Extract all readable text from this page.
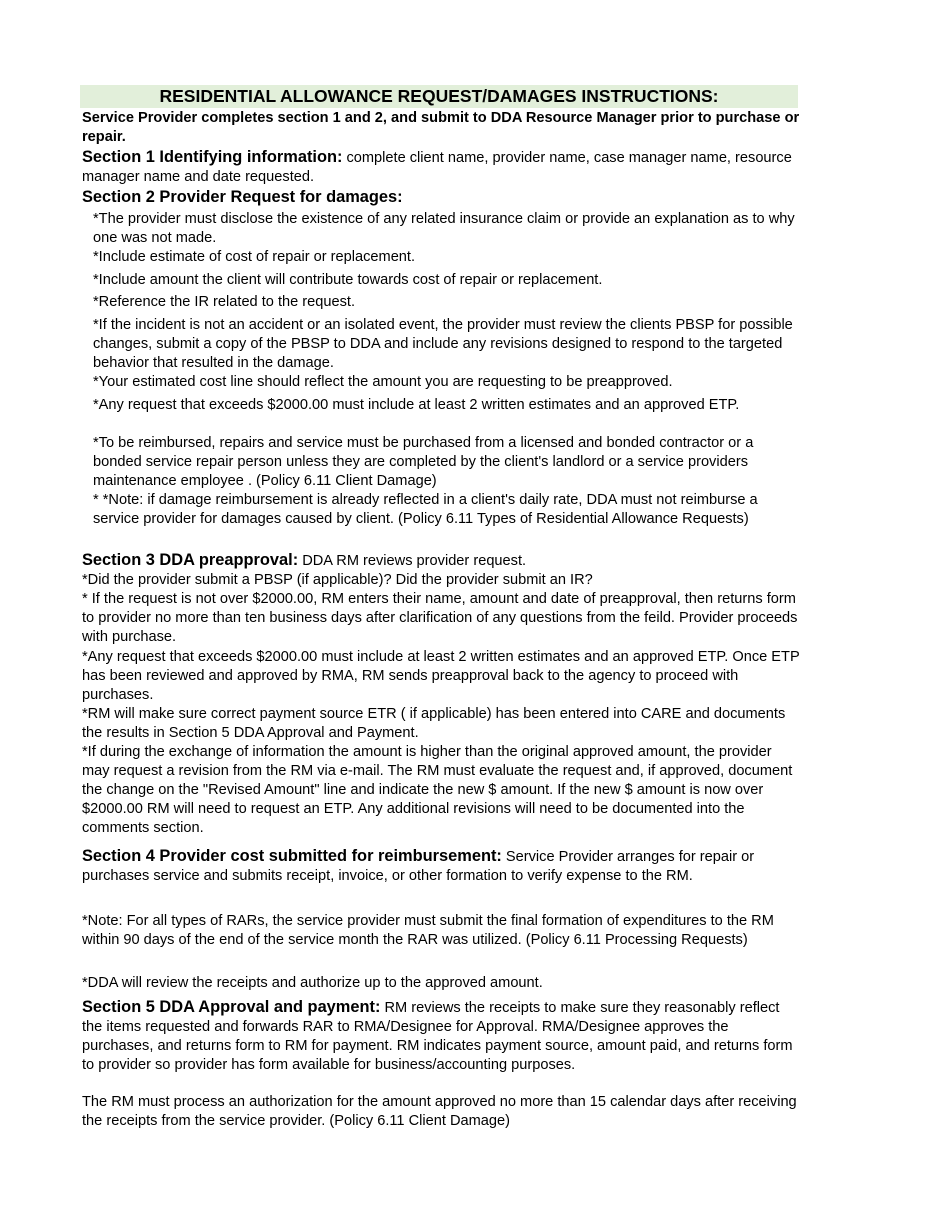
RESIDENTIAL ALLOWANCE REQUEST/DAMAGES INSTRUCTIONS:
Service Provider completes section 1 and 2, and submit to DDA Resource Manager prior to purchase or repair.
Section 1 Identifying information: complete client name, provider name, case manager name, resource manager name and date requested.
Section 2 Provider Request for damages:
*The provider must disclose the existence of any related insurance claim or provide an explanation as to why one was not made.
*Include estimate of cost of repair or replacement.
*Include amount the client will contribute towards cost of repair or replacement.
*Reference the IR related to the request.
*If the incident is not an accident or an isolated event, the provider must review the clients PBSP for possible changes, submit a copy of the PBSP to DDA and include any revisions designed to respond to the targeted behavior that resulted in the damage.
*Your estimated cost line should reflect the amount you are requesting to be preapproved.
*Any request that exceeds $2000.00 must include at least 2 written estimates and an approved ETP.
*To be reimbursed, repairs and service must be purchased from a licensed and bonded contractor or a bonded service repair person unless they are completed by the client's landlord or a service providers maintenance employee . (Policy 6.11 Client Damage)
* *Note: if damage reimbursement is already reflected in a client's daily rate, DDA must not reimburse a service provider for damages caused by client. (Policy 6.11 Types of Residential Allowance Requests)
Section 3 DDA preapproval: DDA RM reviews provider request.
*Did the provider submit a PBSP (if applicable)? Did the provider submit an IR?
* If the request is not over $2000.00, RM enters their name, amount and date of preapproval, then returns form to provider no more than ten business days after clarification of any questions from the feild. Provider proceeds with purchase.
*Any request that exceeds $2000.00 must include at least 2 written estimates and an approved ETP. Once ETP has been reviewed and approved by RMA, RM sends preapproval back to the agency to proceed with purchases.
*RM will make sure correct payment source ETR ( if applicable) has been entered into CARE and documents the results in Section 5 DDA Approval and Payment.
*If during the exchange of information the amount is higher than the original approved amount, the provider may request a revision from the RM via e-mail. The RM must evaluate the request and, if approved, document the change on the "Revised Amount" line and indicate the new $ amount. If the new $ amount is now over $2000.00 RM will need to request an ETP. Any additional revisions will need to be documented into the comments section.
Section 4 Provider cost submitted for reimbursement: Service Provider arranges for repair or purchases service and submits receipt, invoice, or other formation to verify expense to the RM.
*Note: For all types of RARs, the service provider must submit the final formation of expenditures to the RM within 90 days of the end of the service month the RAR was utilized. (Policy 6.11 Processing Requests)
*DDA will review the receipts and authorize up to the approved amount.
Section 5 DDA Approval and payment: RM reviews the receipts to make sure they reasonably reflect the items requested and forwards RAR to RMA/Designee for Approval. RMA/Designee approves the purchases, and returns form to RM for payment. RM indicates payment source, amount paid, and returns form to provider so provider has form available for business/accounting purposes.
The RM must process an authorization for the amount approved no more than 15 calendar days after receiving the receipts from the service provider. (Policy 6.11 Client Damage)
